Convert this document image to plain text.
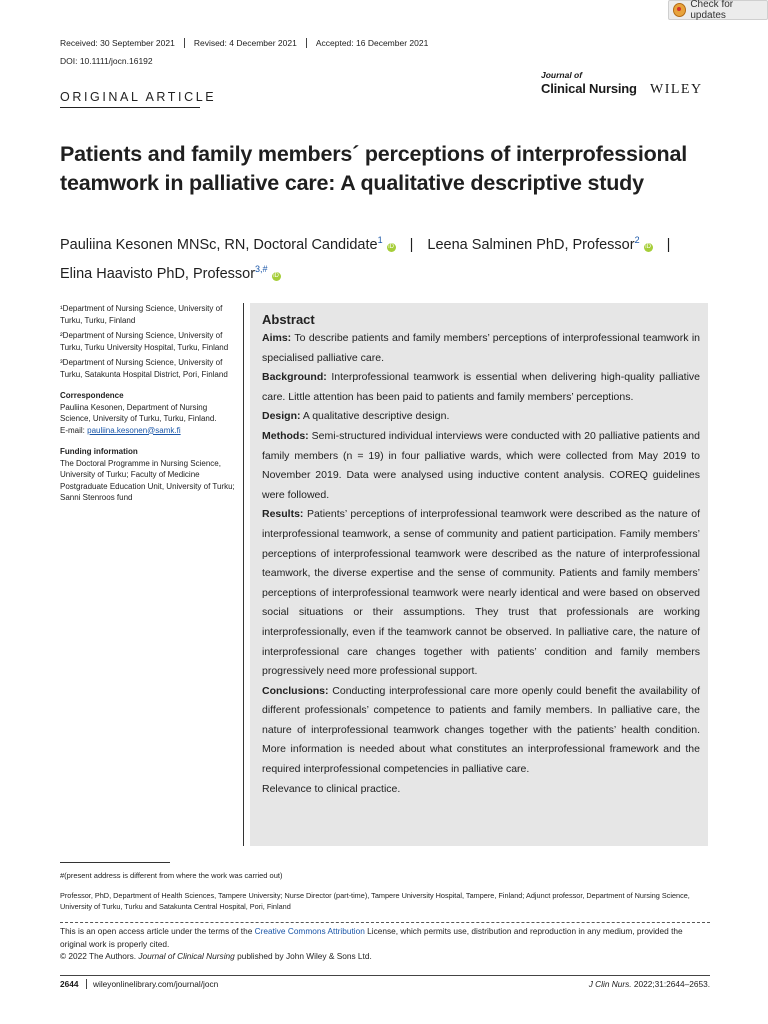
Check for updates
Received: 30 September 2021	Revised: 4 December 2021	Accepted: 16 December 2021
DOI: 10.1111/jocn.16192
Journal of
Clinical Nursing WILEY
ORIGINAL ARTICLE
Patients and family members´ perceptions of interprofessional teamwork in palliative care: A qualitative descriptive study
Pauliina Kesonen MNSc, RN, Doctoral Candidate$^1$iD | Leena Salminen PhD, Professor$^2$iD |
Elina Haavisto PhD, Professor$^{3,\#}$iD

¹Department of Nursing Science, University of Turku, Turku, Finland

²Department of Nursing Science, University of Turku, Turku University Hospital, Turku, Finland

³Department of Nursing Science, University of Turku, Satakunta Hospital District, Pori, Finland

Correspondence

Pauliina Kesonen, Department of Nursing Science, University of Turku, Turku, Finland.

E-mail: pauliina.kesonen@samk.fi

Funding information

The Doctoral Programme in Nursing Science, University of Turku; Faculty of Medicine Postgraduate Education Unit, University of Turku; Sanni Stenroos fund

Abstract

Aims: To describe patients and family members’ perceptions of interprofessional teamwork in specialised palliative care.

Background: Interprofessional teamwork is essential when delivering high-quality palliative care. Little attention has been paid to patients and family members’ perceptions.

Design: A qualitative descriptive design.

Methods: Semi-structured individual interviews were conducted with 20 palliative patients and family members (n = 19) in four palliative wards, which were collected from May 2019 to November 2019. Data were analysed using inductive content analysis. COREQ guidelines were followed.

Results: Patients’ perceptions of interprofessional teamwork were described as the nature of interprofessional teamwork, a sense of community and patient participation. Family members’ perceptions of interprofessional teamwork were described as the nature of interprofessional teamwork, the diverse expertise and the sense of community. Patients and family members’ perceptions of interprofessional teamwork were nearly identical and were based on observed social situations or their assumptions. They trust that professionals are working interprofessionally, even if the teamwork cannot be observed. In palliative care, the nature of interprofessional care changes together with patients’ condition and family members progressively need more professional support.

Conclusions: Conducting interprofessional care more openly could benefit the availability of different professionals’ competence to patients and family members. In palliative care, the nature of interprofessional teamwork changes together with the patients’ health condition. More information is needed about what constitutes an interprofessional framework and the required interprofessional competencies in palliative care.

Relevance to clinical practice.

#(present address is different from where the work was carried out)
Professor, PhD, Department of Health Sciences, Tampere University; Nurse Director (part-time), Tampere University Hospital, Tampere, Finland; Adjunct professor, Department of Nursing Science, University of Turku, Turku and Satakunta Central Hospital, Pori, Finland
This is an open access article under the terms of the Creative Commons Attribution License, which permits use, distribution and reproduction in any medium, provided the original work is properly cited.
© 2022 The Authors. Journal of Clinical Nursing published by John Wiley & Sons Ltd.
2644	wileyonlinelibrary.com/journal/jocn	J Clin Nurs. 2022;31:2644–2653.
